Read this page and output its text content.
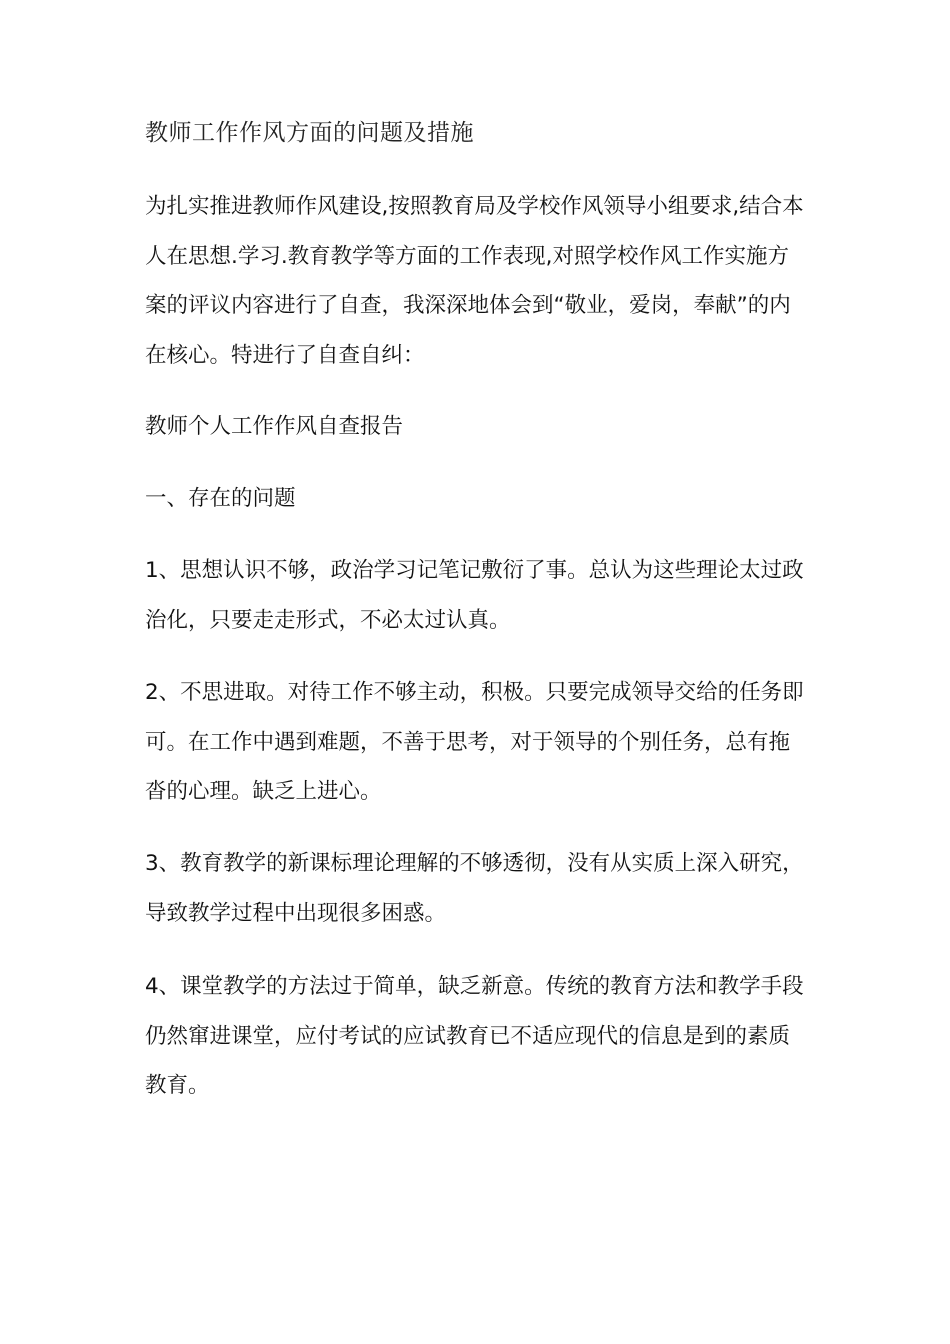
教师工作作风方面的问题及措施

为扎实推进教师作风建设,按照教育局及学校作风领导小组要求,结合本人在思想.学习.教育教学等方面的工作表现,对照学校作风工作实施方案的评议内容进行了自查，我深深地体会到“敬业，爱岗，奉献”的内在核心。特进行了自查自纠：

教师个人工作作风自查报告

一、存在的问题

1、思想认识不够，政治学习记笔记敷衍了事。总认为这些理论太过政治化，只要走走形式，不必太过认真。

2、不思进取。对待工作不够主动，积极。只要完成领导交给的任务即可。在工作中遇到难题，不善于思考，对于领导的个别任务，总有拖沓的心理。缺乏上进心。

3、教育教学的新课标理论理解的不够透彻，没有从实质上深入研究，导致教学过程中出现很多困惑。

4、课堂教学的方法过于简单，缺乏新意。传统的教育方法和教学手段仍然窜进课堂，应付考试的应试教育已不适应现代的信息是到的素质教育。
